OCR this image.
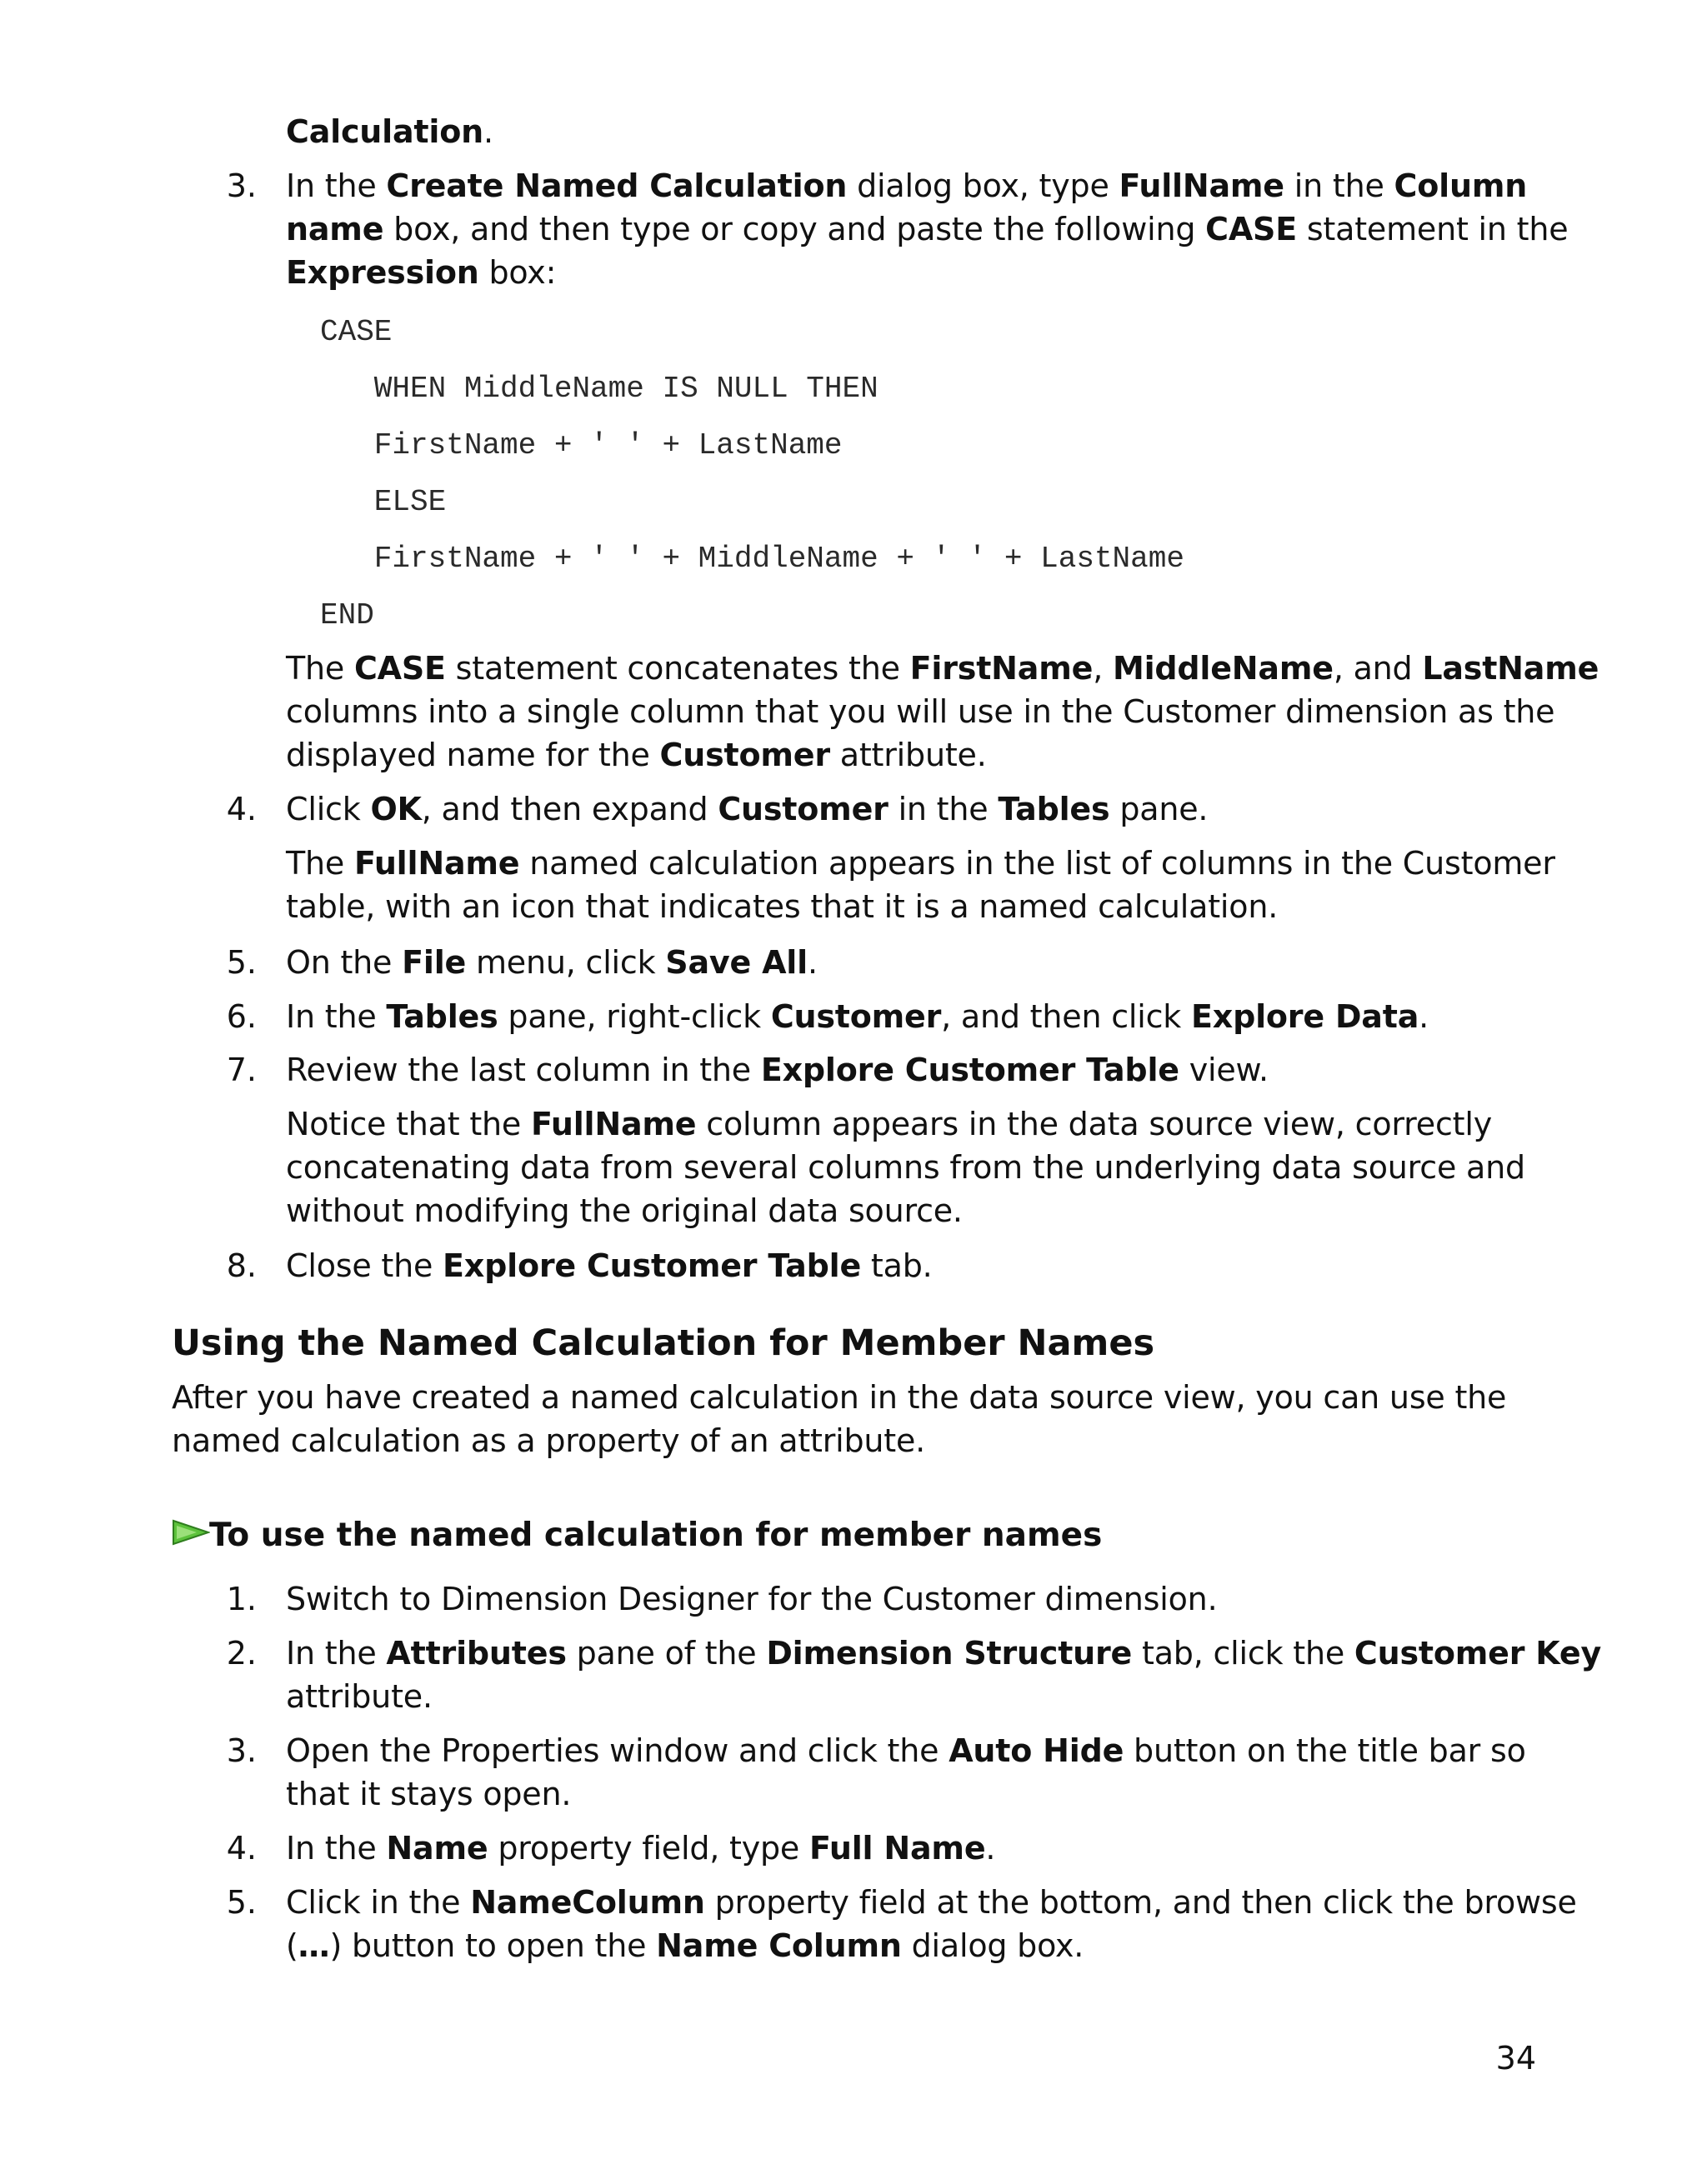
Calculation.
3. In the Create Named Calculation dialog box, type FullName in the Column
name box, and then type or copy and paste the following CASE statement in the
Expression box:
CASE
WHEN MiddleName IS NULL THEN
FirstName + ' ' + LastName
ELSE
FirstName + ' ' + MiddleName + ' ' + LastName
END
The CASE statement concatenates the FirstName, MiddleName, and LastName
columns into a single column that you will use in the Customer dimension as the
displayed name for the Customer attribute.
4. Click OK, and then expand Customer in the Tables pane.
The FullName named calculation appears in the list of columns in the Customer
table, with an icon that indicates that it is a named calculation.
5. On the File menu, click Save All.
6. In the Tables pane, right-click Customer, and then click Explore Data.
7. Review the last column in the Explore Customer Table view.
Notice that the FullName column appears in the data source view, correctly
concatenating data from several columns from the underlying data source and
without modifying the original data source.
8. Close the Explore Customer Table tab.
Using the Named Calculation for Member Names
After you have created a named calculation in the data source view, you can use the
named calculation as a property of an attribute.
To use the named calculation for member names
1. Switch to Dimension Designer for the Customer dimension.
2. In the Attributes pane of the Dimension Structure tab, click the Customer Key
attribute.
3. Open the Properties window and click the Auto Hide button on the title bar so
that it stays open.
4. In the Name property field, type Full Name.
5. Click in the NameColumn property field at the bottom, and then click the browse
(…) button to open the Name Column dialog box.
34
